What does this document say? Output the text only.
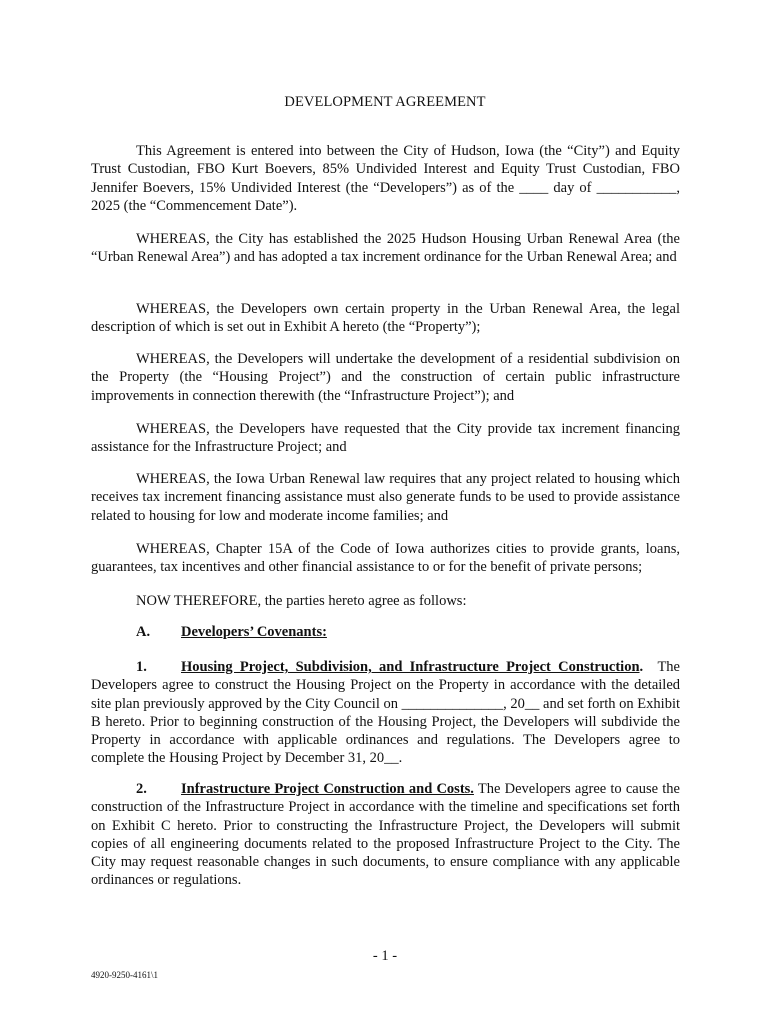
DEVELOPMENT AGREEMENT

This Agreement is entered into between the City of Hudson, Iowa (the “City”) and Equity Trust Custodian, FBO Kurt Boevers, 85% Undivided Interest and Equity Trust Custodian, FBO Jennifer Boevers, 15% Undivided Interest (the “Developers”) as of the ____ day of ___________, 2025 (the “Commencement Date”).

WHEREAS, the City has established the 2025 Hudson Housing Urban Renewal Area (the “Urban Renewal Area”) and has adopted a tax increment ordinance for the Urban Renewal Area; and

WHEREAS, the Developers own certain property in the Urban Renewal Area, the legal description of which is set out in Exhibit A hereto (the “Property”);

WHEREAS, the Developers will undertake the development of a residential subdivision on the Property (the “Housing Project”) and the construction of certain public infrastructure improvements in connection therewith (the “Infrastructure Project”); and

WHEREAS, the Developers have requested that the City provide tax increment financing assistance for the Infrastructure Project; and

WHEREAS, the Iowa Urban Renewal law requires that any project related to housing which receives tax increment financing assistance must also generate funds to be used to provide assistance related to housing for low and moderate income families; and

WHEREAS, Chapter 15A of the Code of Iowa authorizes cities to provide grants, loans, guarantees, tax incentives and other financial assistance to or for the benefit of private persons;

NOW THEREFORE, the parties hereto agree as follows:

A. Developers’ Covenants:

1. Housing Project, Subdivision, and Infrastructure Project Construction. The Developers agree to construct the Housing Project on the Property in accordance with the detailed site plan previously approved by the City Council on ______________, 20__ and set forth on Exhibit B hereto. Prior to beginning construction of the Housing Project, the Developers will subdivide the Property in accordance with applicable ordinances and regulations. The Developers agree to complete the Housing Project by December 31, 20__.

2. Infrastructure Project Construction and Costs. The Developers agree to cause the construction of the Infrastructure Project in accordance with the timeline and specifications set forth on Exhibit C hereto. Prior to constructing the Infrastructure Project, the Developers will submit copies of all engineering documents related to the proposed Infrastructure Project to the City. The City may request reasonable changes in such documents, to ensure compliance with any applicable ordinances or regulations.

- 1 -
4920-9250-4161\1
